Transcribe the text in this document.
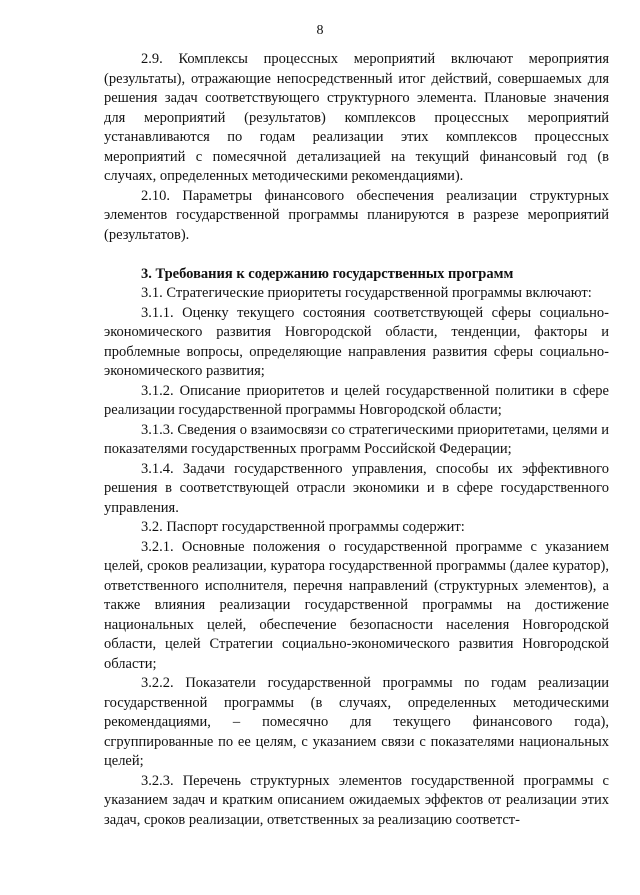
8

2.9. Комплексы процессных мероприятий включают мероприятия (результаты), отражающие непосредственный итог действий, совершаемых для решения задач соответствующего структурного элемента. Плановые значения для мероприятий (результатов) комплексов процессных мероприятий устанавливаются по годам реализации этих комплексов процессных мероприятий с помесячной детализацией на текущий финансовый год (в случаях, определенных методическими рекомендациями).

2.10. Параметры финансового обеспечения реализации структурных элементов государственной программы планируются в разрезе мероприятий (результатов).

3. Требования к содержанию государственных программ

3.1. Стратегические приоритеты государственной программы включают:

3.1.1. Оценку текущего состояния соответствующей сферы социально-экономического развития Новгородской области, тенденции, факторы и проблемные вопросы, определяющие направления развития сферы социально-экономического развития;

3.1.2. Описание приоритетов и целей государственной политики в сфере реализации государственной программы Новгородской области;

3.1.3. Сведения о взаимосвязи со стратегическими приоритетами, целями и показателями государственных программ Российской Федерации;

3.1.4. Задачи государственного управления, способы их эффективного решения в соответствующей отрасли экономики и в сфере государственного управления.

3.2. Паспорт государственной программы содержит:

3.2.1. Основные положения о государственной программе с указанием целей, сроков реализации, куратора государственной программы (далее куратор), ответственного исполнителя, перечня направлений (структурных элементов), а также влияния реализации государственной программы на достижение национальных целей, обеспечение безопасности населения Новгородской области, целей Стратегии социально-экономического развития Новгородской области;

3.2.2. Показатели государственной программы по годам реализации государственной программы (в случаях, определенных методическими рекомендациями, – помесячно для текущего финансового года), сгруппированные по ее целям, с указанием связи с показателями национальных целей;

3.2.3. Перечень структурных элементов государственной программы с указанием задач и кратким описанием ожидаемых эффектов от реализации этих задач, сроков реализации, ответственных за реализацию соответст-
